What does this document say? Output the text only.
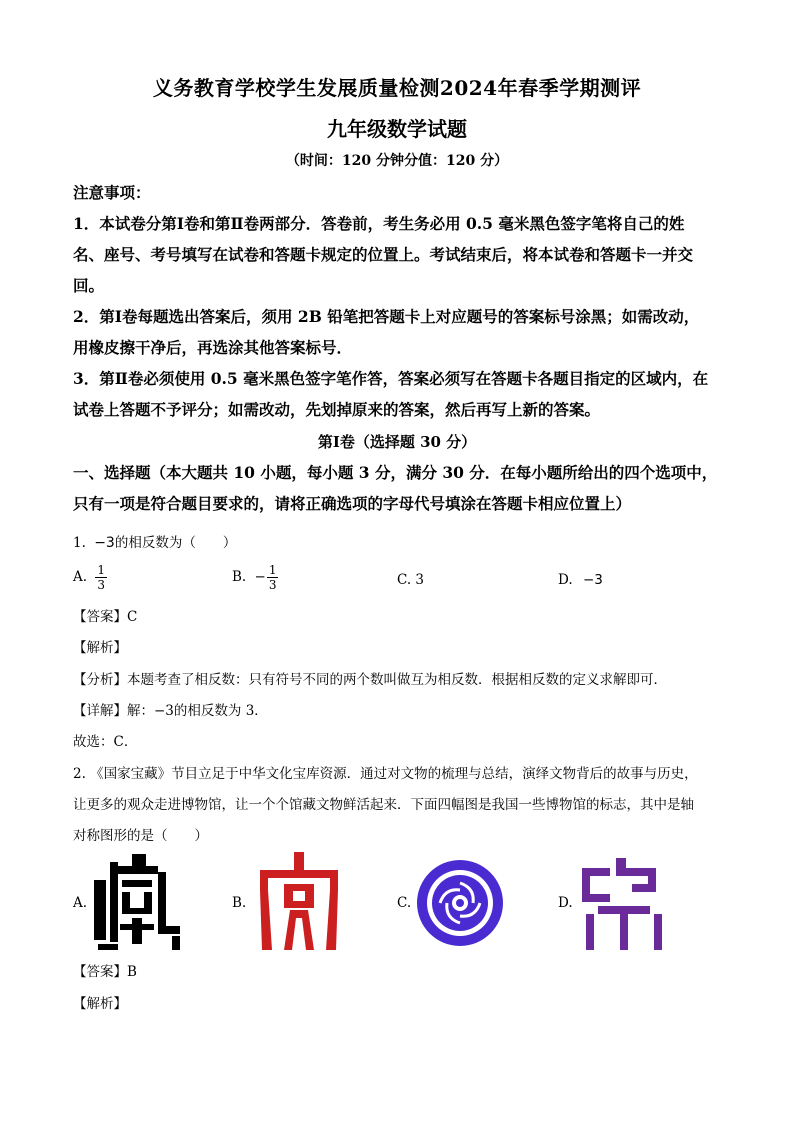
义务教育学校学生发展质量检测2024年春季学期测评
九年级数学试题
（时间：120 分钟分值：120 分）
注意事项：
1．本试卷分第Ⅰ卷和第Ⅱ卷两部分．答卷前，考生务必用 0.5 毫米黑色签字笔将自己的姓
名、座号、考号填写在试卷和答题卡规定的位置上。考试结束后，将本试卷和答题卡一并交
回。
2．第Ⅰ卷每题选出答案后，须用 2B 铅笔把答题卡上对应题号的答案标号涂黑；如需改动，
用橡皮擦干净后，再选涂其他答案标号．
3．第Ⅱ卷必须使用 0.5 毫米黑色签字笔作答，答案必须写在答题卡各题目指定的区域内，在
试卷上答题不予评分；如需改动，先划掉原来的答案，然后再写上新的答案。
第Ⅰ卷（选择题 30 分）
一、选择题（本大题共 10 小题，每小题 3 分，满分 30 分．在每小题所给出的四个选项中，
只有一项是符合题目要求的，请将正确选项的字母代号填涂在答题卡相应位置上）
1. −3的相反数为（　　）
A. $\frac{1}{3}$	B. − $\frac{1}{3}$	C. 3	D. −3
【答案】C
【解析】
【分析】本题考查了相反数：只有符号不同的两个数叫做互为相反数．根据相反数的定义求解即可．
【详解】解：−3的相反数为 3．
故选：C．
2. 《国家宝藏》节目立足于中华文化宝库资源．通过对文物的梳理与总结，演绎文物背后的故事与历史，
让更多的观众走进博物馆，让一个个馆藏文物鲜活起来．下面四幅图是我国一些博物馆的标志，其中是轴
对称图形的是（　　）
A.	B.	C.	D.
【答案】B
【解析】
